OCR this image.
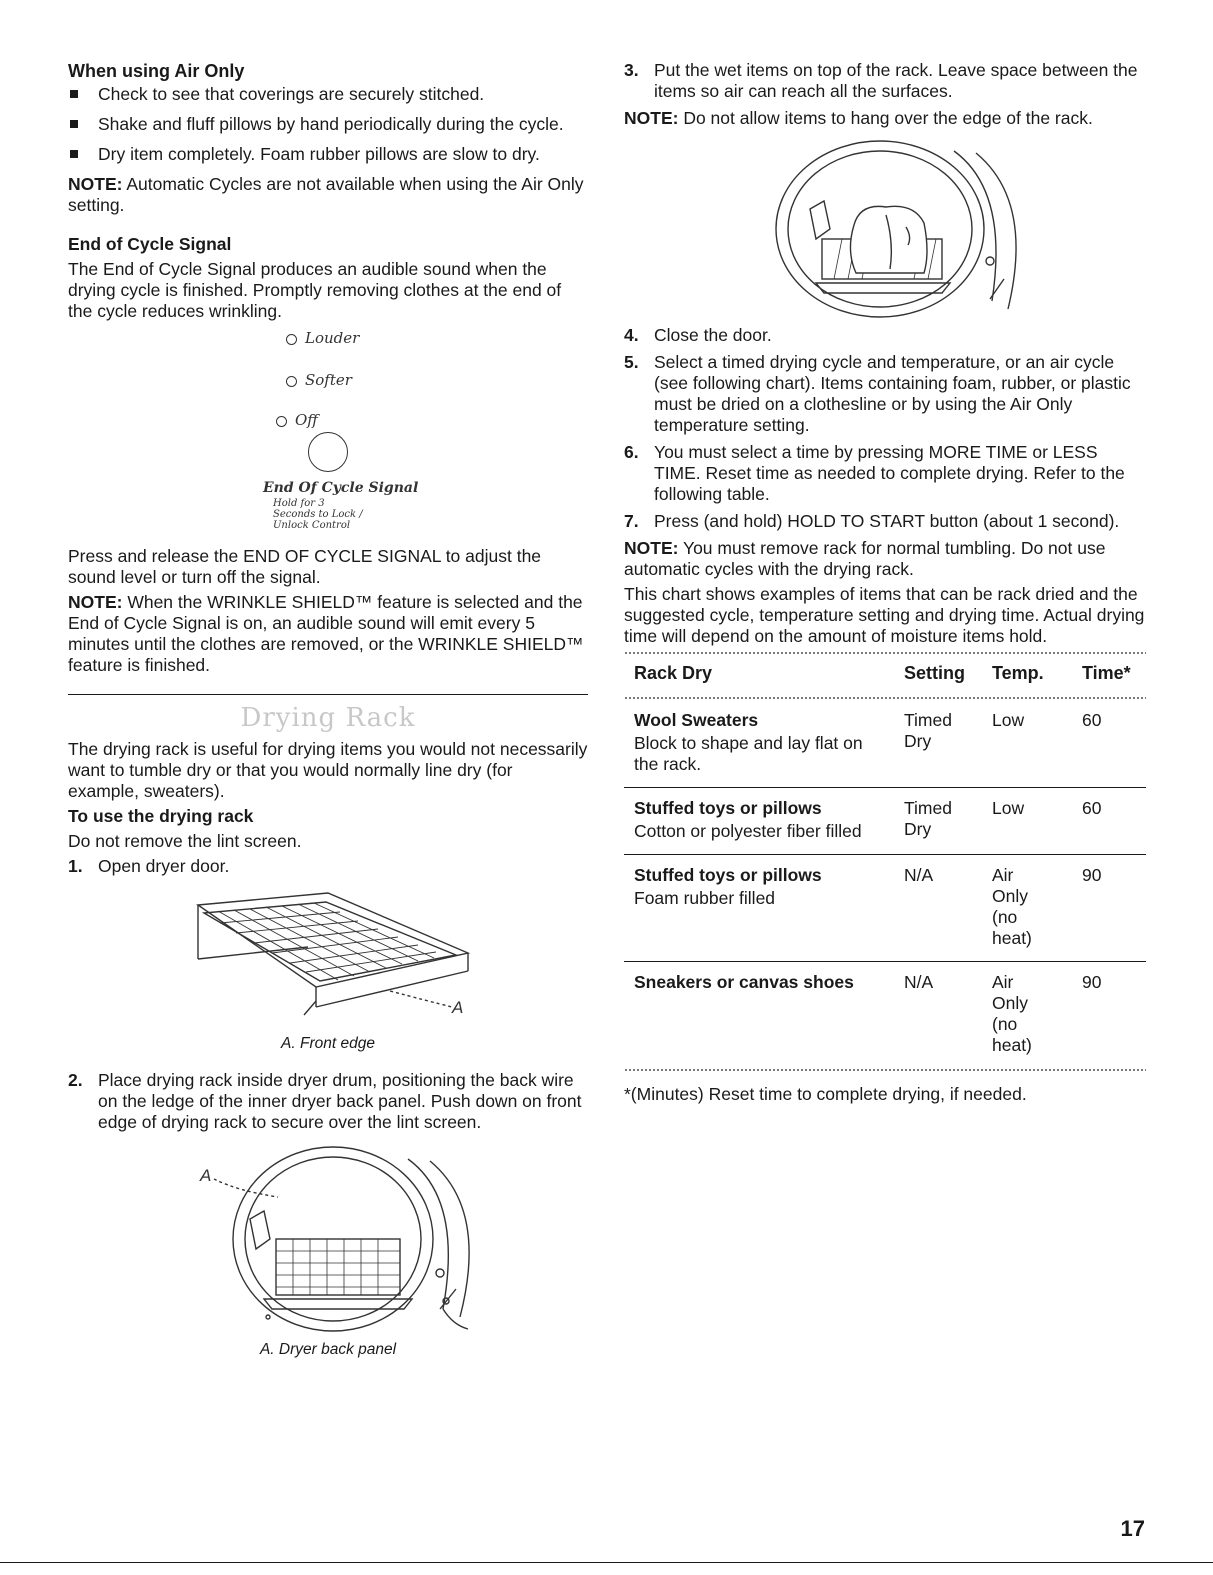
When using Air Only
Check to see that coverings are securely stitched.
Shake and fluff pillows by hand periodically during the cycle.
Dry item completely. Foam rubber pillows are slow to dry.

NOTE: Automatic Cycles are not available when using the Air Only setting.

End of Cycle Signal

The End of Cycle Signal produces an audible sound when the drying cycle is finished. Promptly removing clothes at the end of the cycle reduces wrinkling.

Louder
Softer
Off
End Of Cycle Signal
Hold for 3 Seconds to Lock / Unlock Control

Press and release the END OF CYCLE SIGNAL to adjust the sound level or turn off the signal.

NOTE: When the WRINKLE SHIELD™ feature is selected and the End of Cycle Signal is on, an audible sound will emit every 5 minutes until the clothes are removed, or the WRINKLE SHIELD™ feature is finished.

Drying Rack

The drying rack is useful for drying items you would not necessarily want to tumble dry or that you would normally line dry (for example, sweaters).

To use the drying rack

Do not remove the lint screen.

1. Open dryer door.
A
A. Front edge
2. Place drying rack inside dryer drum, positioning the back wire on the ledge of the inner dryer back panel. Push down on front edge of drying rack to secure over the lint screen.
A
A. Dryer back panel
3. Put the wet items on top of the rack. Leave space between the items so air can reach all the surfaces.

NOTE: Do not allow items to hang over the edge of the rack.

4. Close the door.
5. Select a timed drying cycle and temperature, or an air cycle (see following chart). Items containing foam, rubber, or plastic must be dried on a clothesline or by using the Air Only temperature setting.
6. You must select a time by pressing MORE TIME or LESS TIME. Reset time as needed to complete drying. Refer to the following table.
7. Press (and hold) HOLD TO START button (about 1 second).

NOTE: You must remove rack for normal tumbling. Do not use automatic cycles with the drying rack.

This chart shows examples of items that can be rack dried and the suggested cycle, temperature setting and drying time. Actual drying time will depend on the amount of moisture items hold.

Rack Dry	Setting	Temp.	Time*

Wool Sweaters
Block to shape and lay flat on the rack.	Timed Dry	Low	60

Stuffed toys or pillows
Cotton or polyester fiber filled	Timed Dry	Low	60

Stuffed toys or pillows
Foam rubber filled	N/A	Air Only (no heat)	90

Sneakers or canvas shoes	N/A	Air Only (no heat)	90

*(Minutes) Reset time to complete drying, if needed.

17
